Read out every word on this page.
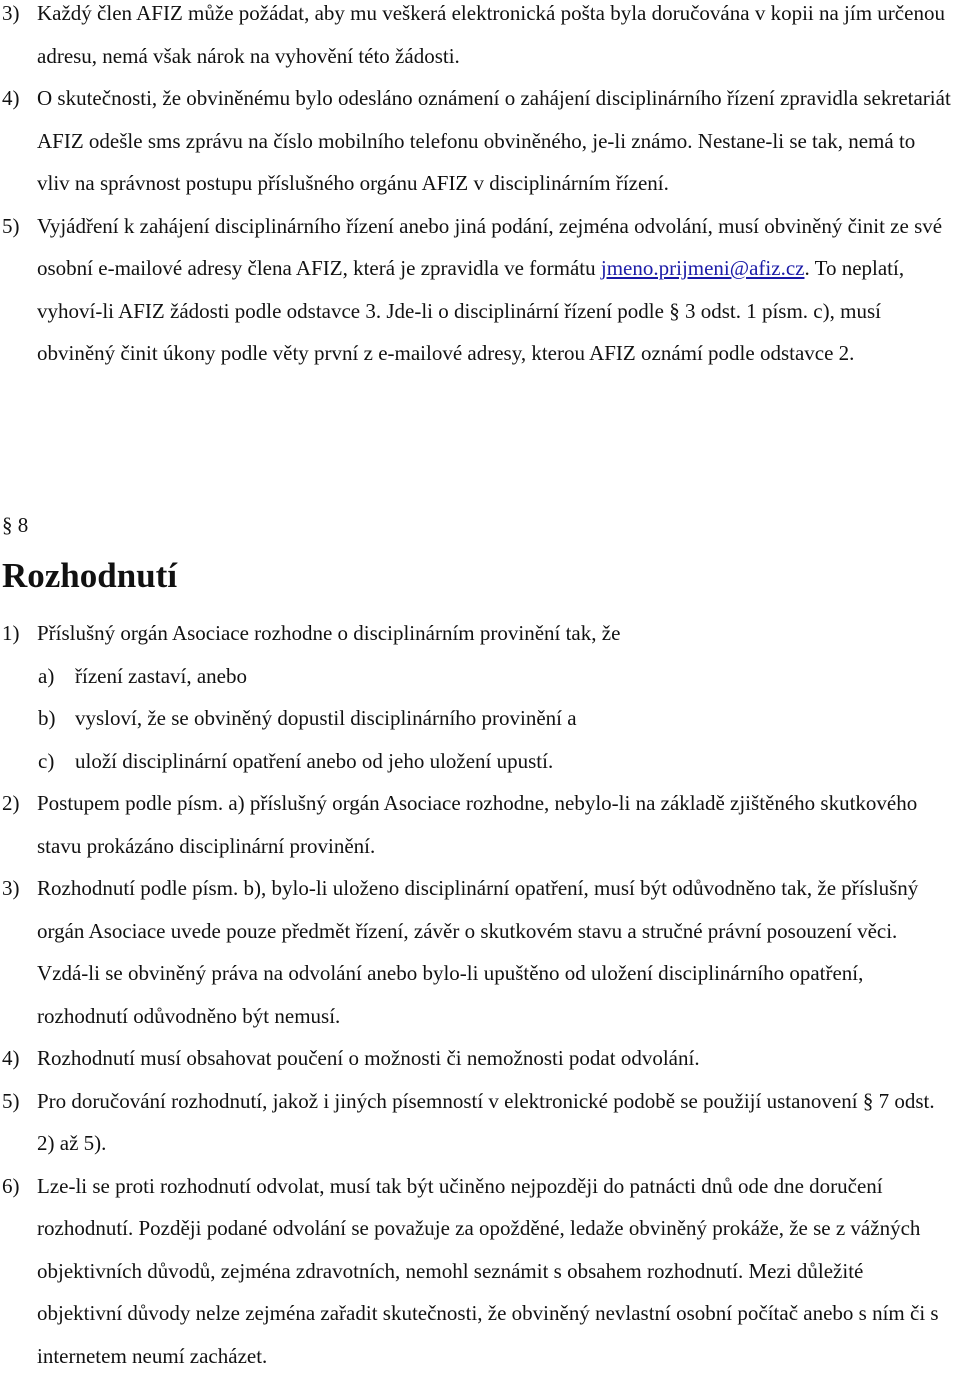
3) Každý člen AFIZ může požádat, aby mu veškerá elektronická pošta byla doručována v kopii na jím určenou adresu, nemá však nárok na vyhovění této žádosti.
4) O skutečnosti, že obviněnému bylo odesláno oznámení o zahájení disciplinárního řízení zpravidla sekretariát AFIZ odešle sms zprávu na číslo mobilního telefonu obviněného, je-li známo. Nestane-li se tak, nemá to vliv na správnost postupu příslušného orgánu AFIZ v disciplinárním řízení.
5) Vyjádření k zahájení disciplinárního řízení anebo jiná podání, zejména odvolání, musí obviněný činit ze své osobní e-mailové adresy člena AFIZ, která je zpravidla ve formátu jmeno.prijmeni@afiz.cz. To neplatí, vyhoví-li AFIZ žádosti podle odstavce 3. Jde-li o disciplinární řízení podle § 3 odst. 1 písm. c), musí obviněný činit úkony podle věty první z e-mailové adresy, kterou AFIZ oznámí podle odstavce 2.
§ 8
Rozhodnutí
1) Příslušný orgán Asociace rozhodne o disciplinárním provinění tak, že
a) řízení zastaví, anebo
b) vysloví, že se obviněný dopustil disciplinárního provinění a
c) uloží disciplinární opatření anebo od jeho uložení upustí.
2) Postupem podle písm. a) příslušný orgán Asociace rozhodne, nebylo-li na základě zjištěného skutkového stavu prokázáno disciplinární provinění.
3) Rozhodnutí podle písm. b), bylo-li uloženo disciplinární opatření, musí být odůvodněno tak, že příslušný orgán Asociace uvede pouze předmět řízení, závěr o skutkovém stavu a stručné právní posouzení věci. Vzdá-li se obviněný práva na odvolání anebo bylo-li upuštěno od uložení disciplinárního opatření, rozhodnutí odůvodněno být nemusí.
4) Rozhodnutí musí obsahovat poučení o možnosti či nemožnosti podat odvolání.
5) Pro doručování rozhodnutí, jakož i jiných písemností v elektronické podobě se použijí ustanovení § 7 odst. 2) až 5).
6) Lze-li se proti rozhodnutí odvolat, musí tak být učiněno nejpozději do patnácti dnů ode dne doručení rozhodnutí. Později podané odvolání se považuje za opožděné, ledaže obviněný prokáže, že se z vážných objektivních důvodů, zejména zdravotních, nemohl seznámit s obsahem rozhodnutí. Mezi důležité objektivní důvody nelze zejména zařadit skutečnosti, že obviněný nevlastní osobní počítač anebo s ním či s internetem neumí zacházet.
